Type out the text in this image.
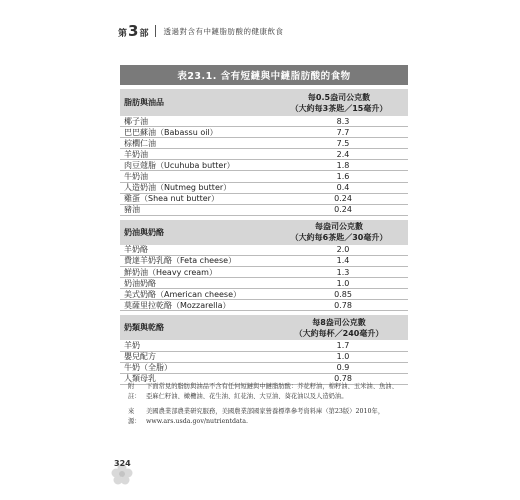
第3部 透過對含有中鏈脂肪酸的健康飲食
表23.1. 含有短鏈與中鏈脂肪酸的食物
脂肪與油品
每0.5盎司公克數
（大約每3茶匙／15毫升）
椰子油	8.3
巴巴蘇油（Babassu oil）	7.7
棕櫚仁油	7.5
羊奶油	2.4
肉豆蔻脂（Ucuhuba butter）	1.8
牛奶油	1.6
人造奶油（Nutmeg butter）	0.4
雞蛋（Shea nut butter）	0.24
豬油	0.24
奶油與奶酪
每盎司公克數
（大約每6茶匙／30毫升）
羊奶酪	2.0
費達羊奶乳酪（Feta cheese）	1.4
鮮奶油（Heavy cream）	1.3
奶油奶酪	1.0
美式奶酪（American cheese）	0.85
莫薩里拉乾酪（Mozzarella）	0.78
奶類與乾酪
每8盎司公克數
（大約每杯／240毫升）
羊奶	1.7
嬰兒配方	1.0
牛奶（全脂）	0.9
人類母乳	0.78
附註：
下面常見的脂肪與油品不含有任何短鏈與中鏈脂肪酸：芥花籽油，棉籽油、玉米油、魚油、亞麻仁籽油、橄欖油、花生油、紅花油、大豆油、葵花油以及人造奶油。
來源：
美國農業部農業研究服務，美國農業部國家營養標準參考資料庫（第23版）2010年，www.ars.usda.gov/nutrientdata.
324
